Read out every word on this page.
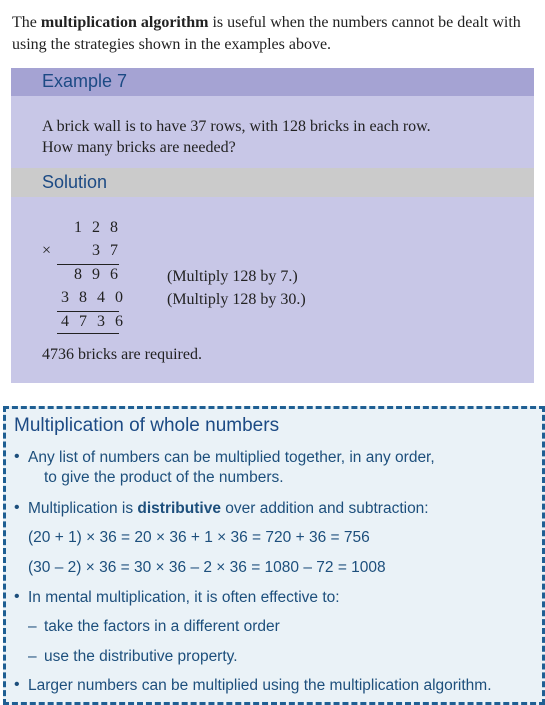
The multiplication algorithm is useful when the numbers cannot be dealt with using the strategies shown in the examples above.
Example 7
A brick wall is to have 37 rows, with 128 bricks in each row.
How many bricks are needed?
Solution
1 2 8
×	3 7
8 9 6
3 8 4 0
4 7 3 6
(Multiply 128 by 7.)
(Multiply 128 by 30.)
4736 bricks are required.
Multiplication of whole numbers
• Any list of numbers can be multiplied together, in any order,
to give the product of the numbers.
• Multiplication is distributive over addition and subtraction:
(20 + 1) × 36 = 20 × 36 + 1 × 36 = 720 + 36 = 756
(30 – 2) × 36 = 30 × 36 – 2 × 36 = 1080 – 72 = 1008
• In mental multiplication, it is often effective to:
– take the factors in a different order
– use the distributive property.
• Larger numbers can be multiplied using the multiplication algorithm.
